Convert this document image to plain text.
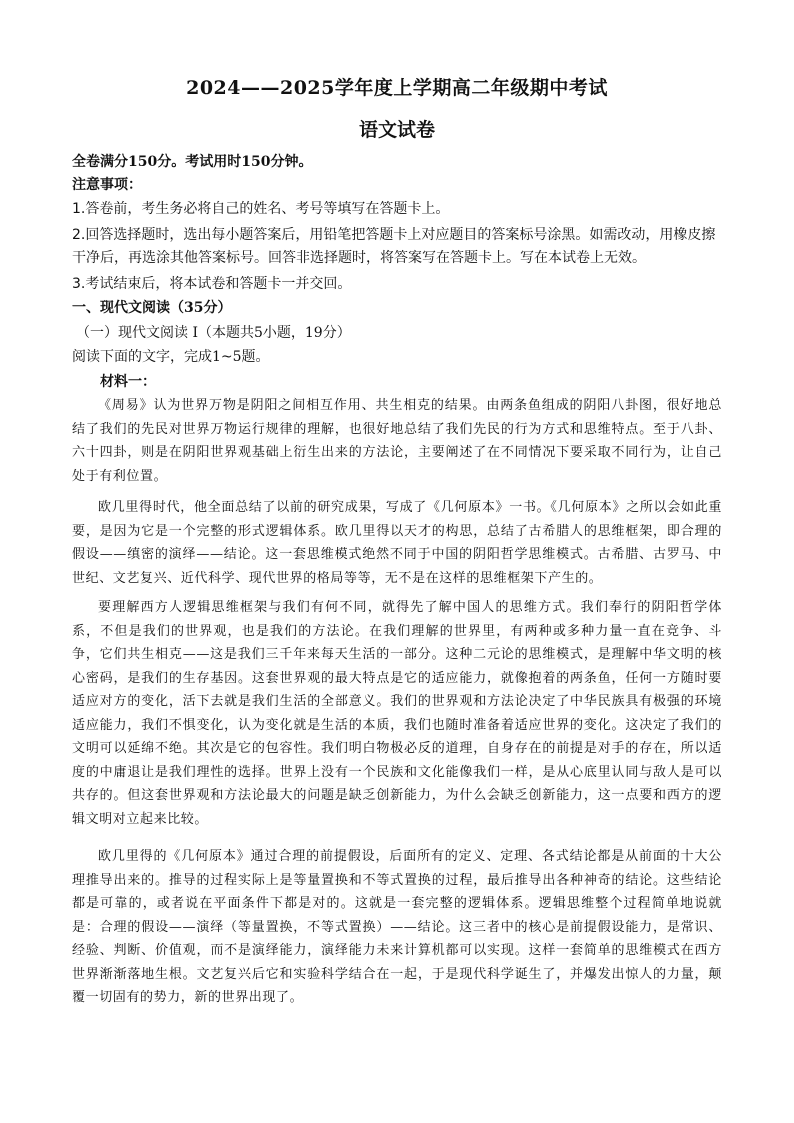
2024——2025学年度上学期高二年级期中考试
语文试卷
全卷满分150分。考试用时150分钟。
注意事项：
1.答卷前，考生务必将自己的姓名、考号等填写在答题卡上。
2.回答选择题时，选出每小题答案后，用铅笔把答题卡上对应题目的答案标号涂黑。如需改动，用橡皮擦
干净后，再选涂其他答案标号。回答非选择题时，将答案写在答题卡上。写在本试卷上无效。
3.考试结束后，将本试卷和答题卡一并交回。
一、现代文阅读（35分）
（一）现代文阅读 I（本题共5小题，19分）
阅读下面的文字，完成1~5题。
材料一：

《周易》认为世界万物是阴阳之间相互作用、共生相克的结果。由两条鱼组成的阴阳八卦图，很好地总结了我们的先民对世界万物运行规律的理解，也很好地总结了我们先民的行为方式和思维特点。至于八卦、六十四卦，则是在阴阳世界观基础上衍生出来的方法论，主要阐述了在不同情况下要采取不同行为，让自己处于有利位置。

欧几里得时代，他全面总结了以前的研究成果，写成了《几何原本》一书。《几何原本》之所以会如此重要，是因为它是一个完整的形式逻辑体系。欧几里得以天才的构思，总结了古希腊人的思维框架，即合理的假设——缜密的演绎——结论。这一套思维模式绝然不同于中国的阴阳哲学思维模式。古希腊、古罗马、中世纪、文艺复兴、近代科学、现代世界的格局等等，无不是在这样的思维框架下产生的。

要理解西方人逻辑思维框架与我们有何不同，就得先了解中国人的思维方式。我们奉行的阴阳哲学体系，不但是我们的世界观，也是我们的方法论。在我们理解的世界里，有两种或多种力量一直在竞争、斗争，它们共生相克——这是我们三千年来每天生活的一部分。这种二元论的思维模式，是理解中华文明的核心密码，是我们的生存基因。这套世界观的最大特点是它的适应能力，就像抱着的两条鱼，任何一方随时要适应对方的变化，活下去就是我们生活的全部意义。我们的世界观和方法论决定了中华民族具有极强的环境适应能力，我们不惧变化，认为变化就是生活的本质，我们也随时准备着适应世界的变化。这决定了我们的文明可以延绵不绝。其次是它的包容性。我们明白物极必反的道理，自身存在的前提是对手的存在，所以适度的中庸退让是我们理性的选择。世界上没有一个民族和文化能像我们一样，是从心底里认同与敌人是可以共存的。但这套世界观和方法论最大的问题是缺乏创新能力，为什么会缺乏创新能力，这一点要和西方的逻辑文明对立起来比较。

欧几里得的《几何原本》通过合理的前提假设，后面所有的定义、定理、各式结论都是从前面的十大公理推导出来的。推导的过程实际上是等量置换和不等式置换的过程，最后推导出各种神奇的结论。这些结论都是可靠的，或者说在平面条件下都是对的。这就是一套完整的逻辑体系。逻辑思维整个过程简单地说就是：合理的假设——演绎（等量置换，不等式置换）——结论。这三者中的核心是前提假设能力，是常识、经验、判断、价值观，而不是演绎能力，演绎能力未来计算机都可以实现。这样一套简单的思维模式在西方世界渐渐落地生根。文艺复兴后它和实验科学结合在一起，于是现代科学诞生了，并爆发出惊人的力量，颠覆一切固有的势力，新的世界出现了。
